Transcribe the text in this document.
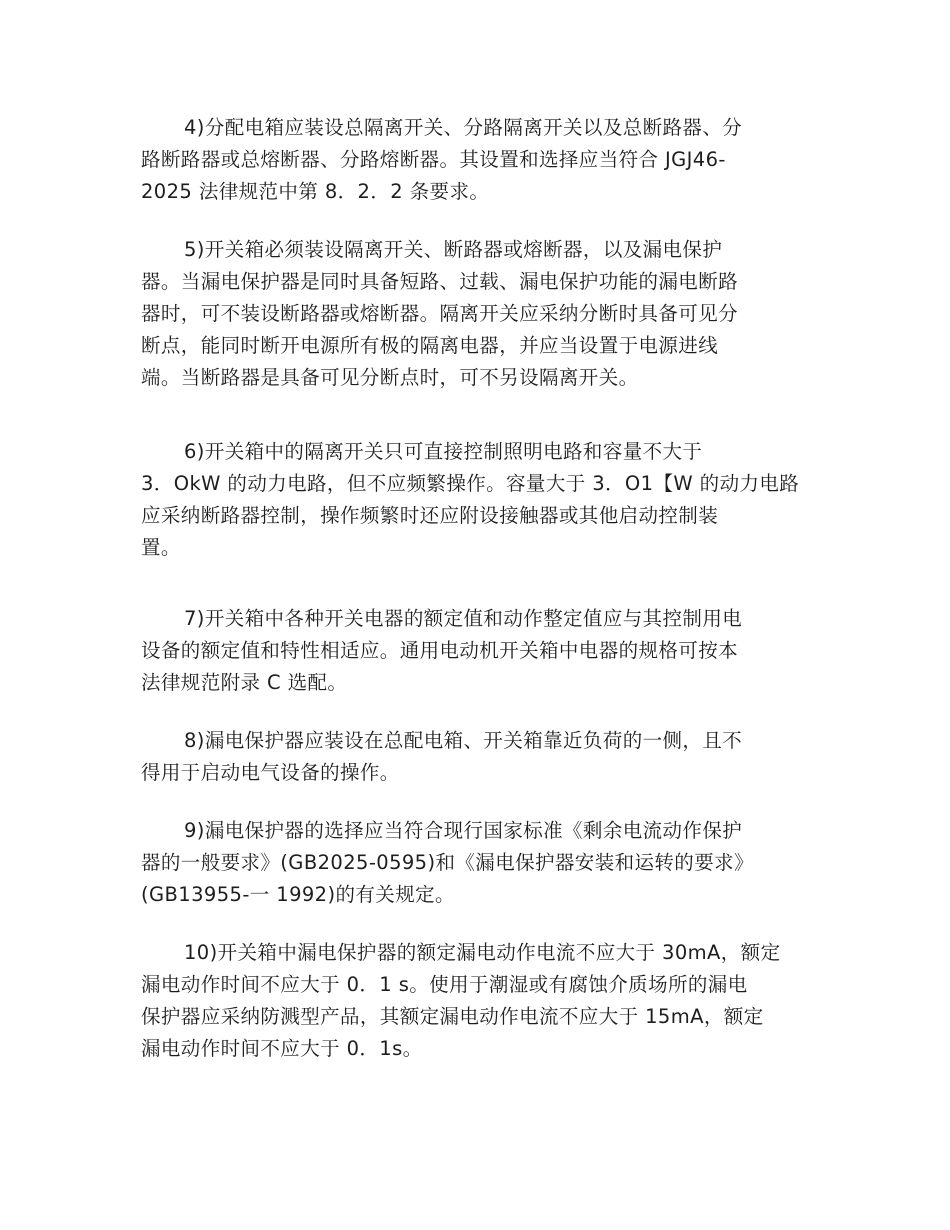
4)分配电箱应装设总隔离开关、分路隔离开关以及总断路器、分
路断路器或总熔断器、分路熔断器。其设置和选择应当符合 JGJ46-
2025 法律规范中第 8．2．2 条要求。
5)开关箱必须装设隔离开关、断路器或熔断器，以及漏电保护
器。当漏电保护器是同时具备短路、过载、漏电保护功能的漏电断路
器时，可不装设断路器或熔断器。隔离开关应采纳分断时具备可见分
断点，能同时断开电源所有极的隔离电器，并应当设置于电源进线
端。当断路器是具备可见分断点时，可不另设隔离开关。
6)开关箱中的隔离开关只可直接控制照明电路和容量不大于
3．OkW 的动力电路，但不应频繁操作。容量大于 3．O1【W 的动力电路
应采纳断路器控制，操作频繁时还应附设接触器或其他启动控制装
置。
7)开关箱中各种开关电器的额定值和动作整定值应与其控制用电
设备的额定值和特性相适应。通用电动机开关箱中电器的规格可按本
法律规范附录 C 选配。
8)漏电保护器应装设在总配电箱、开关箱靠近负荷的一侧，且不
得用于启动电气设备的操作。
9)漏电保护器的选择应当符合现行国家标准《剩余电流动作保护
器的一般要求》(GB2025-0595)和《漏电保护器安装和运转的要求》
(GB13955-一 1992)的有关规定。
10)开关箱中漏电保护器的额定漏电动作电流不应大于 30mA，额定
漏电动作时间不应大于 0．1 s。使用于潮湿或有腐蚀介质场所的漏电
保护器应采纳防溅型产品，其额定漏电动作电流不应大于 15mA，额定
漏电动作时间不应大于 0．1s。
